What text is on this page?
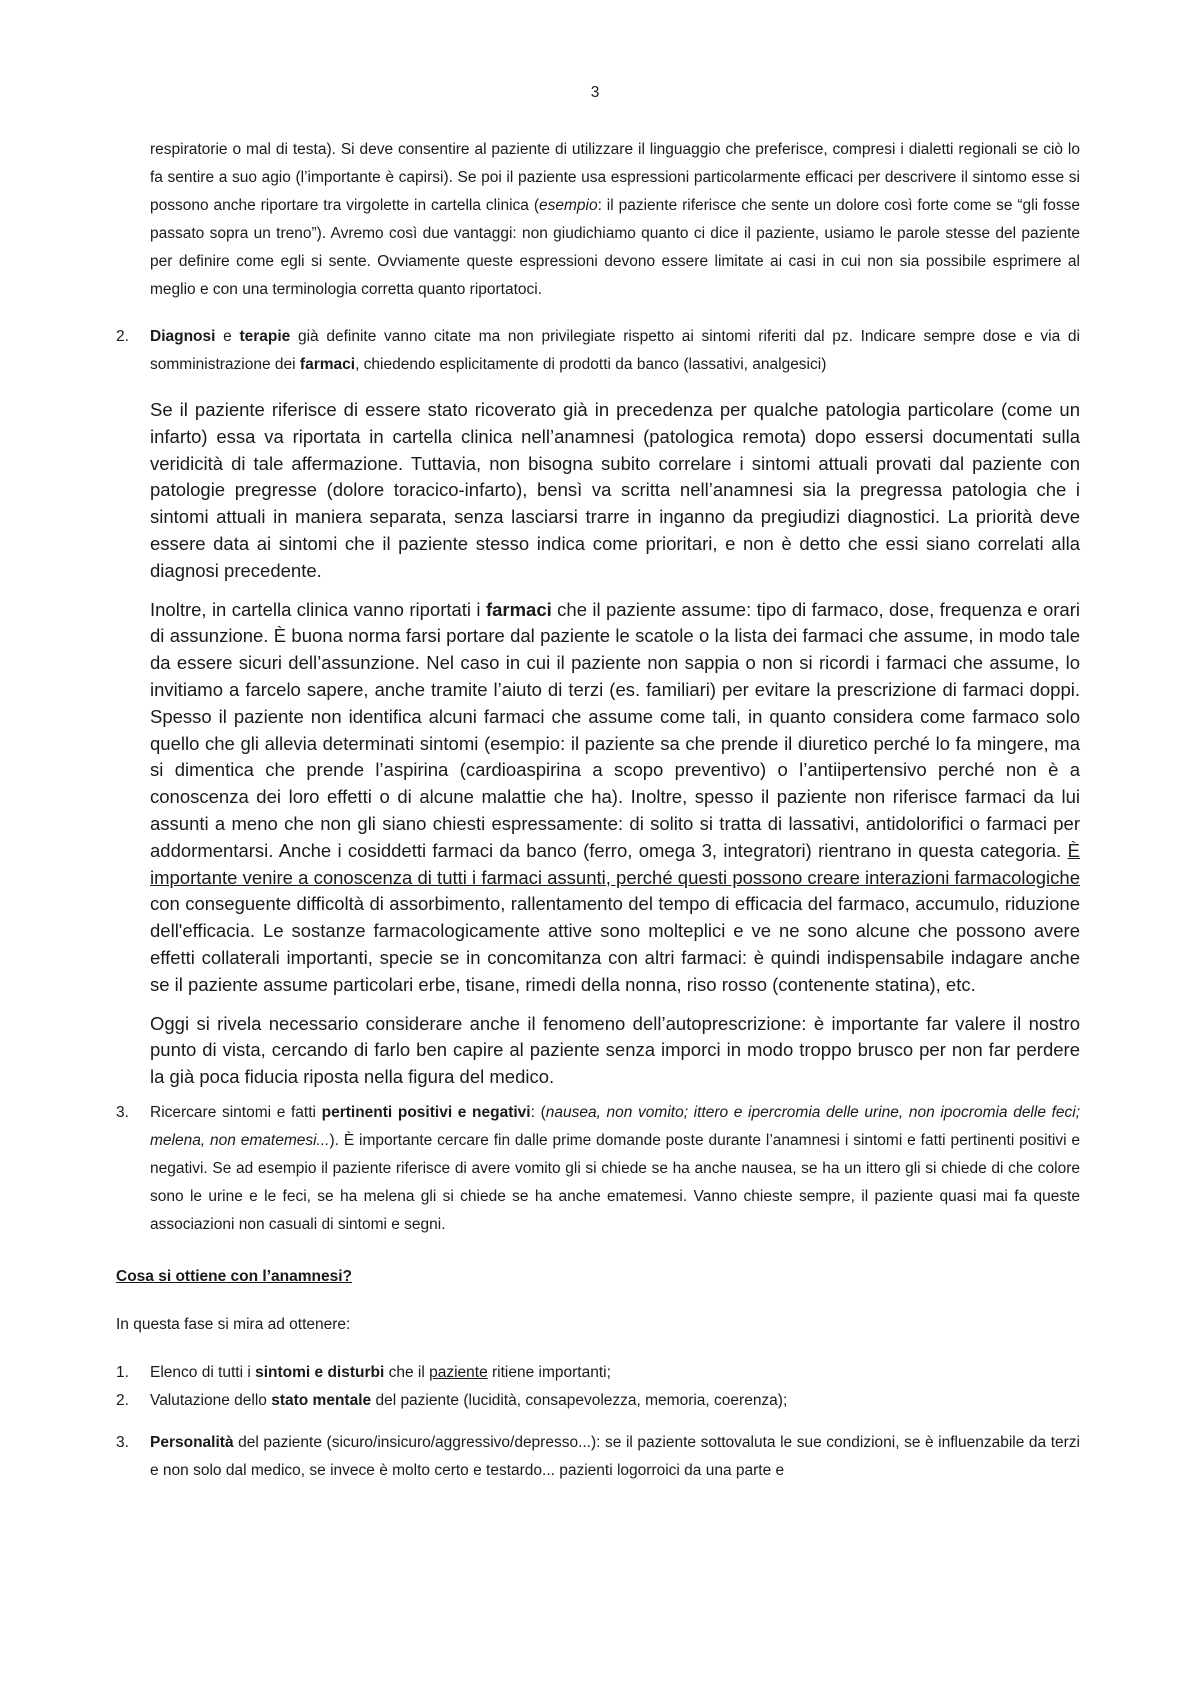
3

respiratorie o mal di testa). Si deve consentire al paziente di utilizzare il linguaggio che preferisce, compresi i dialetti regionali se ciò lo fa sentire a suo agio (l’importante è capirsi). Se poi il paziente usa espressioni particolarmente efficaci per descrivere il sintomo esse si possono anche riportare tra virgolette in cartella clinica (esempio: il paziente riferisce che sente un dolore così forte come se “gli fosse passato sopra un treno”). Avremo così due vantaggi: non giudichiamo quanto ci dice il paziente, usiamo le parole stesse del paziente per definire come egli si sente. Ovviamente queste espressioni devono essere limitate ai casi in cui non sia possibile esprimere al meglio e con una terminologia corretta quanto riportatoci.

2. Diagnosi e terapie già definite vanno citate ma non privilegiate rispetto ai sintomi riferiti dal pz. Indicare sempre dose e via di somministrazione dei farmaci, chiedendo esplicitamente di prodotti da banco (lassativi, analgesici)

Se il paziente riferisce di essere stato ricoverato già in precedenza per qualche patologia particolare (come un infarto) essa va riportata in cartella clinica nell’anamnesi (patologica remota) dopo essersi documentati sulla veridicità di tale affermazione. Tuttavia, non bisogna subito correlare i sintomi attuali provati dal paziente con patologie pregresse (dolore toracico-infarto), bensì va scritta nell’anamnesi sia la pregressa patologia che i sintomi attuali in maniera separata, senza lasciarsi trarre in inganno da pregiudizi diagnostici. La priorità deve essere data ai sintomi che il paziente stesso indica come prioritari, e non è detto che essi siano correlati alla diagnosi precedente.

Inoltre, in cartella clinica vanno riportati i farmaci che il paziente assume: tipo di farmaco, dose, frequenza e orari di assunzione. È buona norma farsi portare dal paziente le scatole o la lista dei farmaci che assume, in modo tale da essere sicuri dell’assunzione. Nel caso in cui il paziente non sappia o non si ricordi i farmaci che assume, lo invitiamo a farcelo sapere, anche tramite l’aiuto di terzi (es. familiari) per evitare la prescrizione di farmaci doppi. Spesso il paziente non identifica alcuni farmaci che assume come tali, in quanto considera come farmaco solo quello che gli allevia determinati sintomi (esempio: il paziente sa che prende il diuretico perché lo fa mingere, ma si dimentica che prende l’aspirina (cardioaspirina a scopo preventivo) o l’antiipertensivo perché non è a conoscenza dei loro effetti o di alcune malattie che ha). Inoltre, spesso il paziente non riferisce farmaci da lui assunti a meno che non gli siano chiesti espressamente: di solito si tratta di lassativi, antidolorifici o farmaci per addormentarsi. Anche i cosiddetti farmaci da banco (ferro, omega 3, integratori) rientrano in questa categoria. È importante venire a conoscenza di tutti i farmaci assunti, perché questi possono creare interazioni farmacologiche con conseguente difficoltà di assorbimento, rallentamento del tempo di efficacia del farmaco, accumulo, riduzione dell'efficacia. Le sostanze farmacologicamente attive sono molteplici e ve ne sono alcune che possono avere effetti collaterali importanti, specie se in concomitanza con altri farmaci: è quindi indispensabile indagare anche se il paziente assume particolari erbe, tisane, rimedi della nonna, riso rosso (contenente statina), etc.

Oggi si rivela necessario considerare anche il fenomeno dell’autoprescrizione: è importante far valere il nostro punto di vista, cercando di farlo ben capire al paziente senza imporci in modo troppo brusco per non far perdere la già poca fiducia riposta nella figura del medico.

3. Ricercare sintomi e fatti pertinenti positivi e negativi: (nausea, non vomito; ittero e ipercromia delle urine, non ipocromia delle feci; melena, non ematemesi...). È importante cercare fin dalle prime domande poste durante l’anamnesi i sintomi e fatti pertinenti positivi e negativi. Se ad esempio il paziente riferisce di avere vomito gli si chiede se ha anche nausea, se ha un ittero gli si chiede di che colore sono le urine e le feci, se ha melena gli si chiede se ha anche ematemesi. Vanno chieste sempre, il paziente quasi mai fa queste associazioni non casuali di sintomi e segni.

Cosa si ottiene con l’anamnesi?

In questa fase si mira ad ottenere:

1. Elenco di tutti i sintomi e disturbi che il paziente ritiene importanti;

2. Valutazione dello stato mentale del paziente (lucidità, consapevolezza, memoria, coerenza);

3. Personalità del paziente (sicuro/insicuro/aggressivo/depresso...): se il paziente sottovaluta le sue condizioni, se è influenzabile da terzi e non solo dal medico, se invece è molto certo e testardo... pazienti logorroici da una parte e
